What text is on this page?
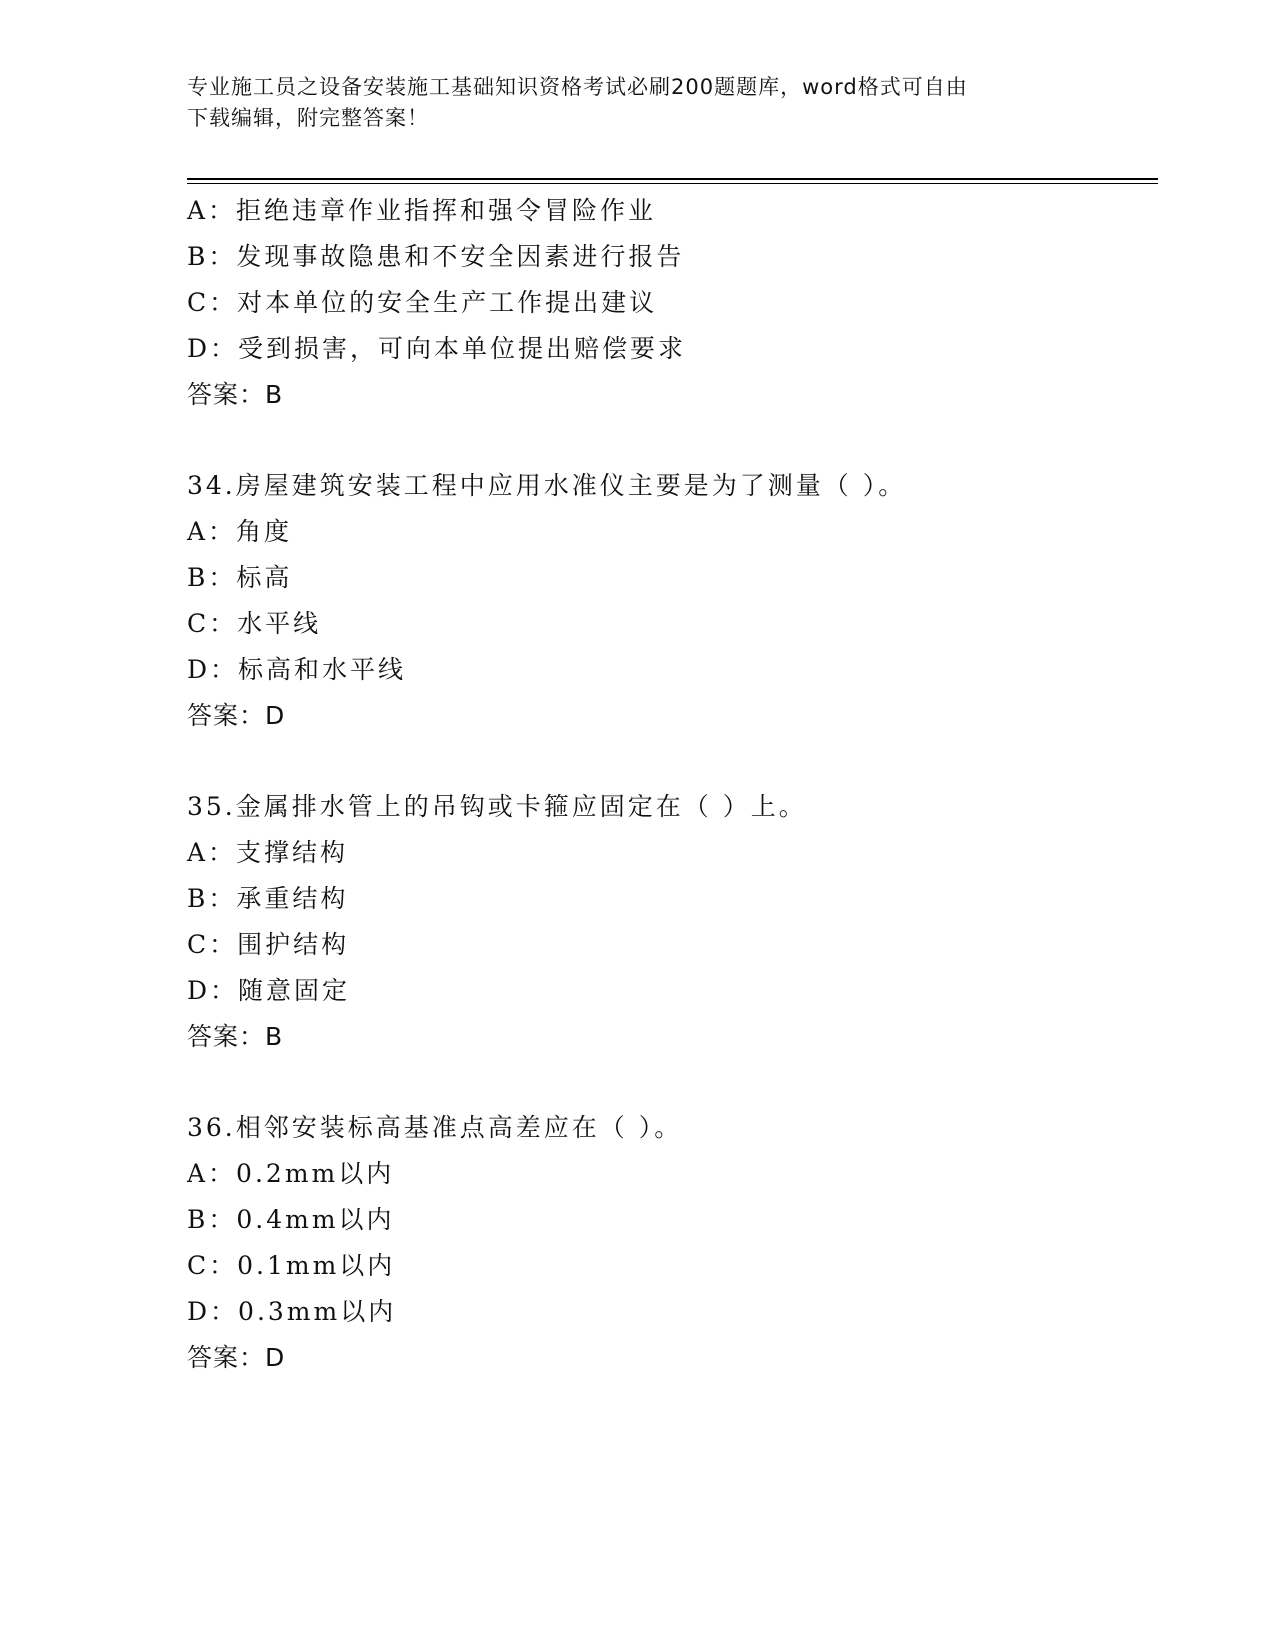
专业施工员之设备安装施工基础知识资格考试必刷200题题库，word格式可自由
下载编辑，附完整答案！
A：拒绝违章作业指挥和强令冒险作业
B：发现事故隐患和不安全因素进行报告
C：对本单位的安全生产工作提出建议
D：受到损害，可向本单位提出赔偿要求
答案：B
34.房屋建筑安装工程中应用水准仪主要是为了测量（ ）。
A：角度
B：标高
C：水平线
D：标高和水平线
答案：D
35.金属排水管上的吊钩或卡箍应固定在（ ）上。
A：支撑结构
B：承重结构
C：围护结构
D：随意固定
答案：B
36.相邻安装标高基准点高差应在（ ）。
A：0.2mm以内
B：0.4mm以内
C：0.1mm以内
D：0.3mm以内
答案：D
